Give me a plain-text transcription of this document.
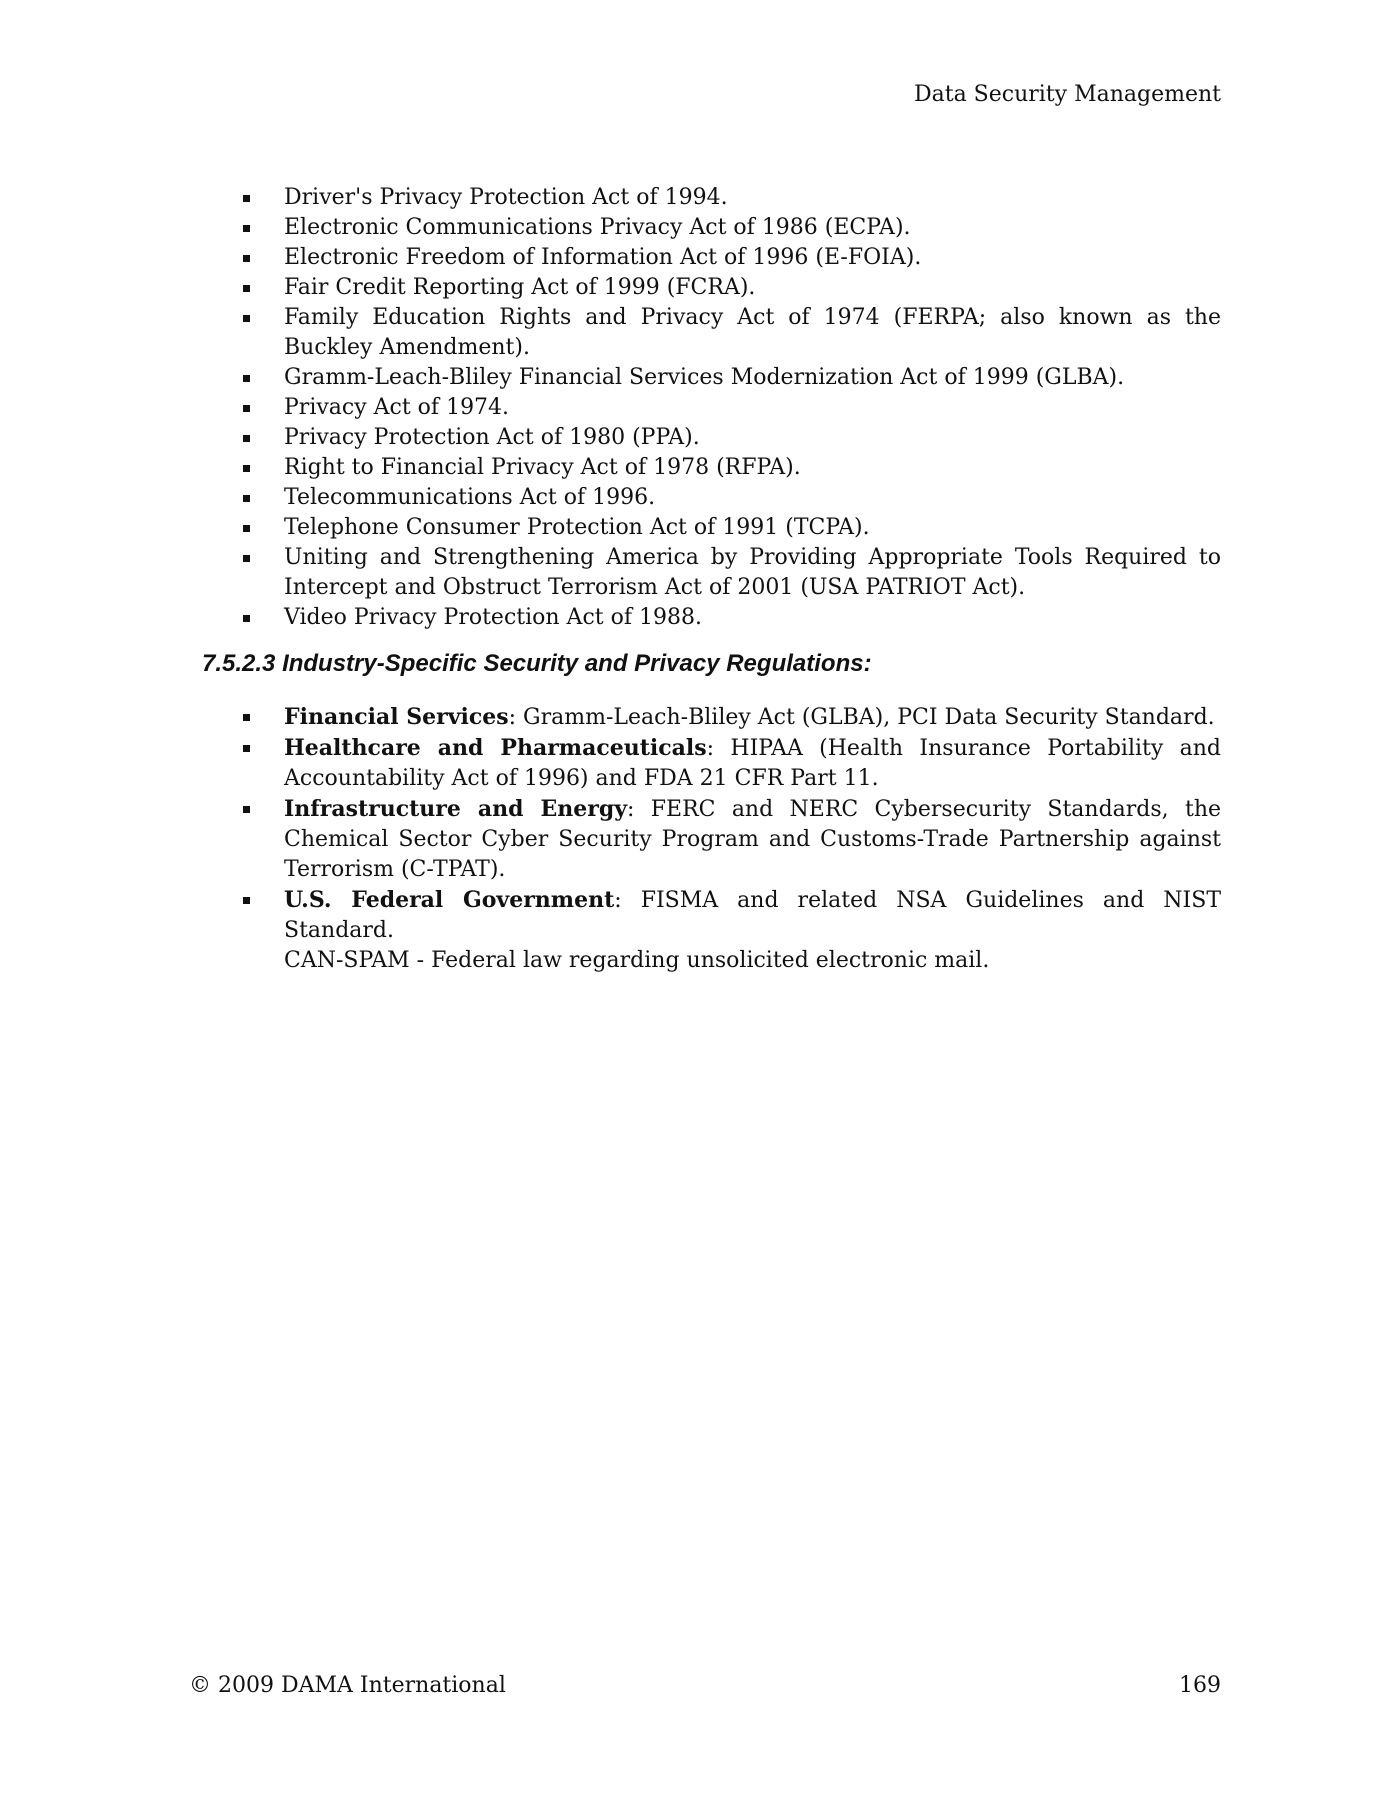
Data Security Management
Driver's Privacy Protection Act of 1994.
Electronic Communications Privacy Act of 1986 (ECPA).
Electronic Freedom of Information Act of 1996 (E-FOIA).
Fair Credit Reporting Act of 1999 (FCRA).
Family Education Rights and Privacy Act of 1974 (FERPA; also known as the Buckley Amendment).
Gramm-Leach-Bliley Financial Services Modernization Act of 1999 (GLBA).
Privacy Act of 1974.
Privacy Protection Act of 1980 (PPA).
Right to Financial Privacy Act of 1978 (RFPA).
Telecommunications Act of 1996.
Telephone Consumer Protection Act of 1991 (TCPA).
Uniting and Strengthening America by Providing Appropriate Tools Required to Intercept and Obstruct Terrorism Act of 2001 (USA PATRIOT Act).
Video Privacy Protection Act of 1988.
7.5.2.3 Industry-Specific Security and Privacy Regulations:
Financial Services: Gramm-Leach-Bliley Act (GLBA), PCI Data Security Standard.
Healthcare and Pharmaceuticals: HIPAA (Health Insurance Portability and Accountability Act of 1996) and FDA 21 CFR Part 11.
Infrastructure and Energy: FERC and NERC Cybersecurity Standards, the Chemical Sector Cyber Security Program and Customs-Trade Partnership against Terrorism (C-TPAT).
U.S. Federal Government: FISMA and related NSA Guidelines and NIST Standard.
CAN-SPAM - Federal law regarding unsolicited electronic mail.
© 2009 DAMA International	169
